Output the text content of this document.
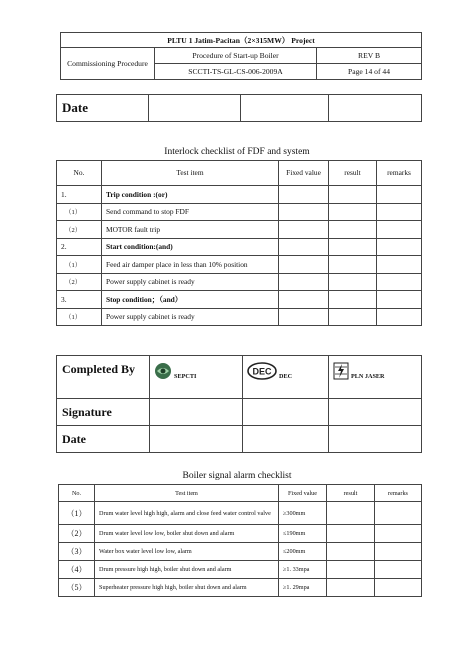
PLTU 1 Jatim-Pacitan（2×315MW） Project		
Commissioning Procedure	Procedure of Start-up Boiler	REV B
	SCCTI-TS-GL-CS-006-2009A	Page 14 of 44
Date			
Interlock checklist of FDF and system
No.	Test item	Fixed value	result	remarks
1.	Trip condition :(or)			
（1）	Send command to stop FDF			
（2）	MOTOR fault trip			
2.	Start condition:(and)			
（1）	Feed air damper place in less than 10% position			
（2）	Power supply cabinet is ready			
3.	Stop condition；（and）			
（1）	Power supply cabinet is ready			
Completed By	SEPCTI	DEC DEC	PLN JASER

Signature			
Date			
Boiler signal alarm checklist
No.	Test item	Fixed value	result	remarks
（1）	Drum water level high high, alarm and close feed water control valve	≥300mm		
（2）	Drum water level low low, boiler shut down and alarm	≤190mm		
（3）	Water box water level low low, alarm	≤200mm		
（4）	Drum pressure high high, boiler shut down and alarm	≥1. 33mpa		
（5）	Superheater pressure high high, boiler shut down and alarm	≥1. 29mpa		
